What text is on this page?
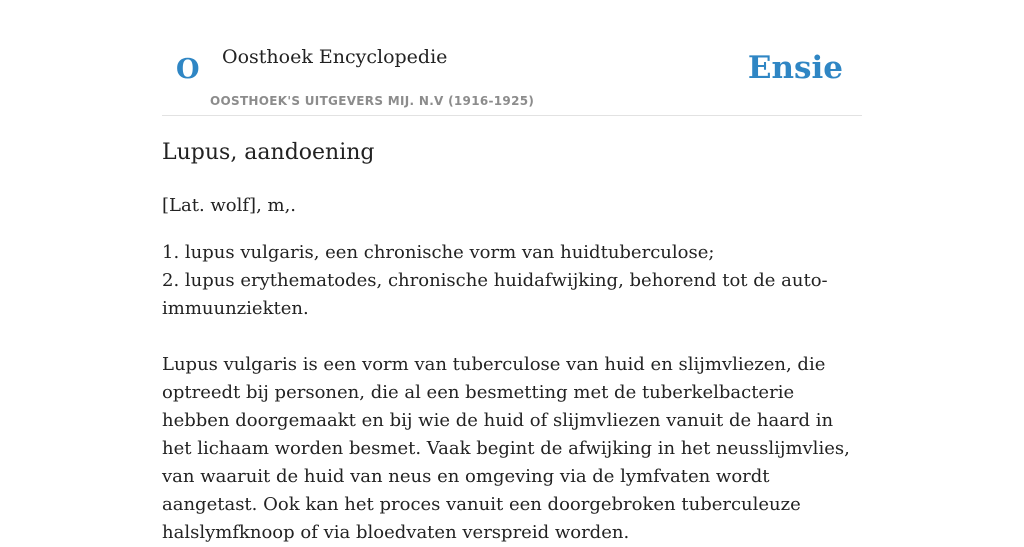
O Oosthoek Encyclopedie
OOSTHOEK'S UITGEVERS MIJ. N.V (1916-1925)
Ensie
Lupus, aandoening

[Lat. wolf], m,.

1. lupus vulgaris, een chronische vorm van huidtuberculose;

2. lupus erythematodes, chronische huidafwijking, behorend tot de auto-immuunziekten.

Lupus vulgaris is een vorm van tuberculose van huid en slijmvliezen, die optreedt bij personen, die al een besmetting met de tuberkelbacterie hebben doorgemaakt en bij wie de huid of slijmvliezen vanuit de haard in het lichaam worden besmet. Vaak begint de afwijking in het neusslijmvlies, van waaruit de huid van neus en omgeving via de lymfvaten wordt aangetast. Ook kan het proces vanuit een doorgebroken tuberculeuze halslymfknoop of via bloedvaten verspreid worden.
